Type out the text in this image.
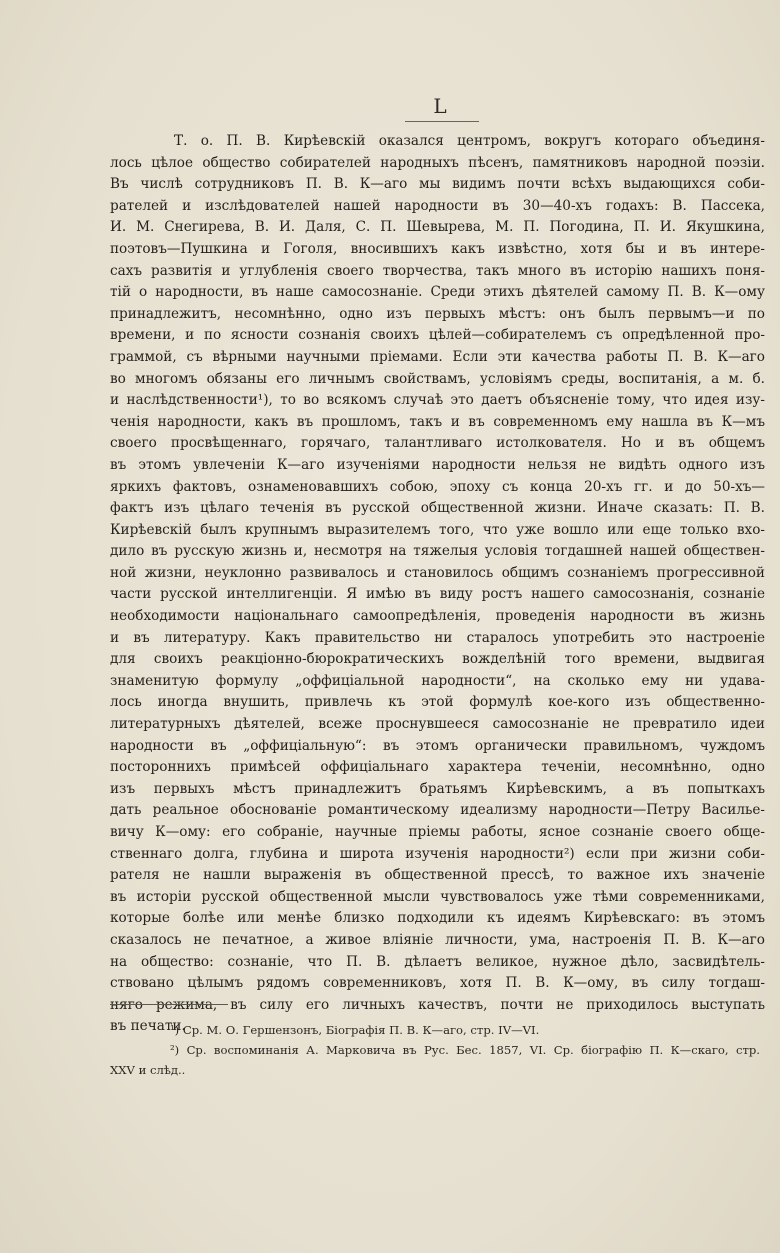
L
Т. о. П. В. Кирѣевскій оказался центромъ, вокругъ котораго объединя-
лось цѣлое общество собирателей народныхъ пѣсенъ, памятниковъ народной поэзіи.
Въ числѣ сотрудниковъ П. В. К—аго мы видимъ почти всѣхъ выдающихся соби-
рателей и изслѣдователей нашей народности въ 30—40-хъ годахъ: В. Пассека,
И. М. Снегирева, В. И. Даля, С. П. Шевырева, М. П. Погодина, П. И. Якушкина,
поэтовъ—Пушкина и Гоголя, вносившихъ какъ извѣстно, хотя бы и въ интере-
сахъ развитія и углубленія своего творчества, такъ много въ исторію нашихъ поня-
тій о народности, въ наше самосознаніе. Среди этихъ дѣятелей самому П. В. К—ому
принадлежитъ, несомнѣнно, одно изъ первыхъ мѣстъ: онъ былъ первымъ—и по
времени, и по ясности сознанія своихъ цѣлей—собирателемъ съ опредѣленной про-
граммой, съ вѣрными научными пріемами. Если эти качества работы П. В. К—аго
во многомъ обязаны его личнымъ свойствамъ, условіямъ среды, воспитанія, а м. б.
и наслѣдственности¹), то во всякомъ случаѣ это даетъ объясненіе тому, что идея изу-
ченія народности, какъ въ прошломъ, такъ и въ современномъ ему нашла въ К—мъ
своего просвѣщеннаго, горячаго, талантливаго истолкователя. Но и въ общемъ
въ этомъ увлеченіи К—аго изученіями народности нельзя не видѣть одного изъ
яркихъ фактовъ, ознаменовавшихъ собою, эпоху съ конца 20-хъ гг. и до 50-хъ—
фактъ изъ цѣлаго теченія въ русской общественной жизни. Иначе сказать: П. В.
Кирѣевскій былъ крупнымъ выразителемъ того, что уже вошло или еще только вхо-
дило въ русскую жизнь и, несмотря на тяжелыя условія тогдашней нашей обществен-
ной жизни, неуклонно развивалось и становилось общимъ сознаніемъ прогрессивной
части русской интеллигенціи. Я имѣю въ виду ростъ нашего самосознанія, сознаніе
необходимости національнаго самоопредѣленія, проведенія народности въ жизнь
и въ литературу. Какъ правительство ни старалось употребить это настроеніе
для своихъ реакціонно-бюрократическихъ вожделѣній того времени, выдвигая
знаменитую формулу „оффиціальной народности“, на сколько ему ни удава-
лось иногда внушить, привлечь къ этой формулѣ кое-кого изъ общественно-
литературныхъ дѣятелей, всеже проснувшееся самосознаніе не превратило идеи
народности въ „оффиціальную“: въ этомъ органически правильномъ, чуждомъ
постороннихъ примѣсей оффиціальнаго характера теченіи, несомнѣнно, одно
изъ первыхъ мѣстъ принадлежитъ братьямъ Кирѣевскимъ, а въ попыткахъ
дать реальное обоснованіе романтическому идеализму народности—Петру Василье-
вичу К—ому: его собраніе, научные пріемы работы, ясное сознаніе своего обще-
ственнаго долга, глубина и широта изученія народности²) если при жизни соби-
рателя не нашли выраженія въ общественной прессѣ, то важное ихъ значеніе
въ исторіи русской общественной мысли чувствовалось уже тѣми современниками,
которые болѣе или менѣе близко подходили къ идеямъ Кирѣевскаго: въ этомъ
сказалось не печатное, а живое вліяніе личности, ума, настроенія П. В. К—аго
на общество: сознаніе, что П. В. дѣлаетъ великое, нужное дѣло, засвидѣтель-
ствовано цѣлымъ рядомъ современниковъ, хотя П. В. К—ому, въ силу тогдаш-
няго режима, въ силу его личныхъ качествъ, почти не приходилось выступать
въ печати.
¹) Ср. М. О. Гершензонъ, Біографія П. В. К—аго, стр. IV—VI.
²) Ср. воспоминанія А. Марковича въ Рус. Бес. 1857, VI. Ср. біографію П. К—скаго, стр.
XXV и слѣд..
